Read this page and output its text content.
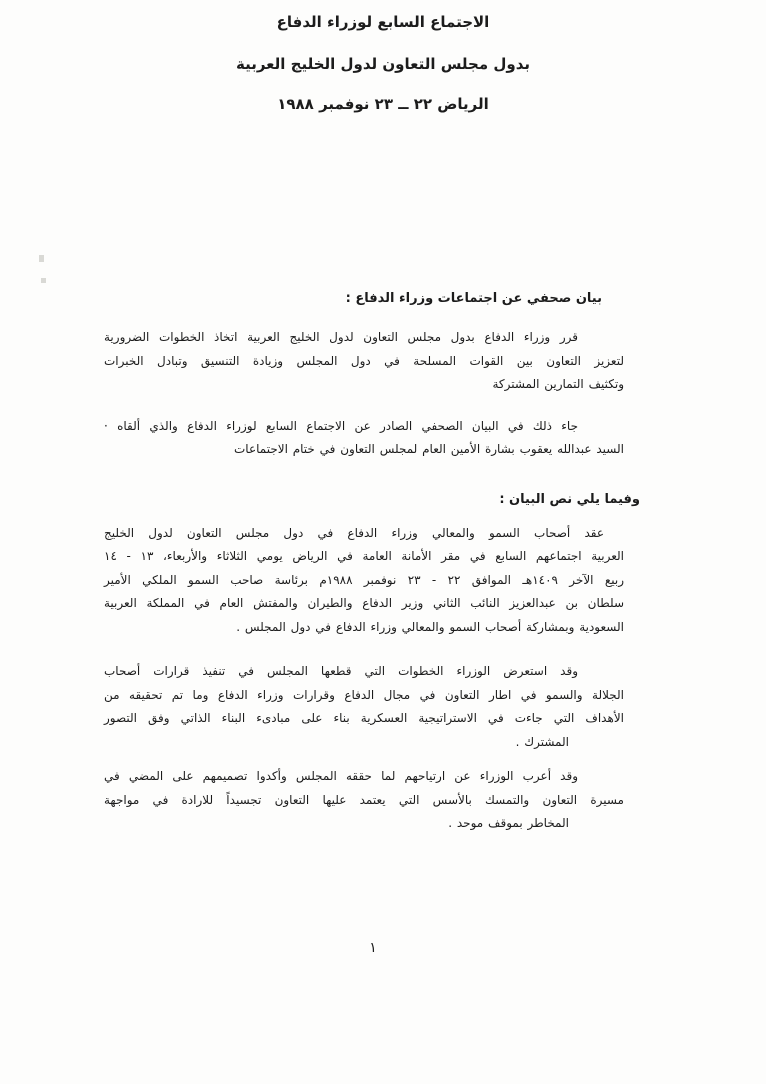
الاجتماع السابع لوزراء الدفاع
بدول مجلس التعاون لدول الخليج العربية
الرياض ٢٢ ــ ٢٣ نوفمبر ١٩٨٨
بيان صحفي عن اجتماعات وزراء الدفاع :
قرر وزراء الدفاع بدول مجلس التعاون لدول الخليج العربية اتخاذ الخطوات الضرورية
لتعزيز التعاون بين القوات المسلحة في دول المجلس وزيادة التنسيق وتبادل الخبرات
وتكثيف التمارين المشتركة
جاء ذلك في البيان الصحفي الصادر عن الاجتماع السابع لوزراء الدفاع والذي ألقاه ·
السيد عبدالله يعقوب بشارة الأمين العام لمجلس التعاون في ختام الاجتماعات
وفيما يلي نص البيان :
عقد أصحاب السمو والمعالي وزراء الدفاع في دول مجلس التعاون لدول الخليج
العربية اجتماعهم السابع في مقر الأمانة العامة في الرياض يومي الثلاثاء والأربعاء، ١٣ - ١٤
ربيع الآخر ١٤٠٩هـ الموافق ٢٢ - ٢٣ نوفمبر ١٩٨٨م برئاسة صاحب السمو الملكي الأمير
سلطان بن عبدالعزيز النائب الثاني وزير الدفاع والطيران والمفتش العام في المملكة العربية
السعودية وبمشاركة أصحاب السمو والمعالي وزراء الدفاع في دول المجلس .
وقد استعرض الوزراء الخطوات التي قطعها المجلس في تنفيذ قرارات أصحاب
الجلالة والسمو في اطار التعاون في مجال الدفاع وقرارات وزراء الدفاع وما تم تحقيقه من
الأهداف التي جاءت في الاستراتيجية العسكرية بناء على مبادىء البناء الذاتي وفق التصور
المشترك .
وقد أعرب الوزراء عن ارتياحهم لما حققه المجلس وأكدوا تصميمهم على المضي في
مسيرة التعاون والتمسك بالأسس التي يعتمد عليها التعاون تجسيداً للارادة في مواجهة
المخاطر بموقف موحد .
١
